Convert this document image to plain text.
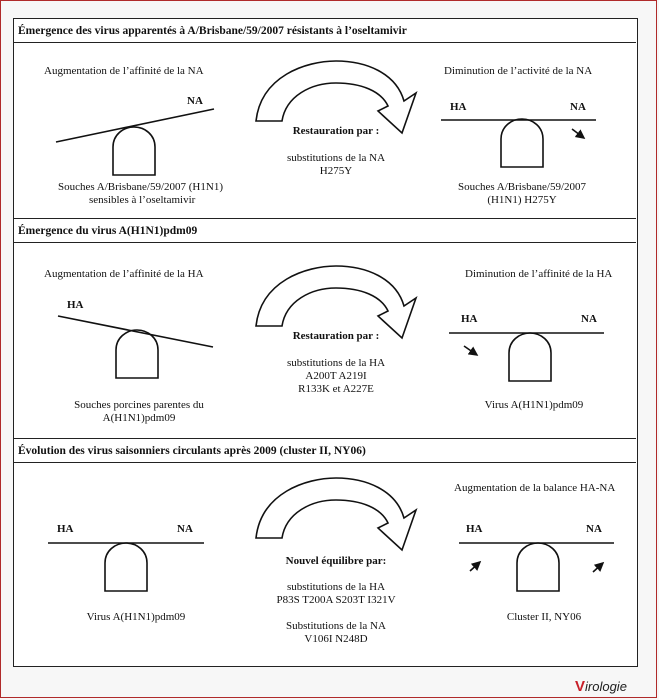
Émergence des virus apparentés à A/Brisbane/59/2007 résistants à l’oseltamivir
Émergence du virus A(H1N1)pdm09
Évolution des virus saisonniers circulants après 2009 (cluster II, NY06)
Augmentation de l’affinité de la NA
NA
Souches A/Brisbane/59/2007 (H1N1)
sensibles à l’oseltamivir
Restauration par :
substitutions de la NA
H275Y
Diminution de l’activité de la NA
HA	NA
Souches A/Brisbane/59/2007
(H1N1) H275Y
Augmentation de l’affinité de la HA
HA
Souches porcines parentes du
A(H1N1)pdm09
Restauration par :
substitutions de la HA
A200T A219I
R133K et A227E
Diminution de l’affinité de la HA
HA	NA
Virus A(H1N1)pdm09
HA	NA
Virus A(H1N1)pdm09
Nouvel équilibre par:
substitutions de la HA
P83S T200A S203T I321V
Substitutions de la NA
V106I N248D
Augmentation de la balance HA-NA
HA	NA
Cluster II, NY06
Virologie
